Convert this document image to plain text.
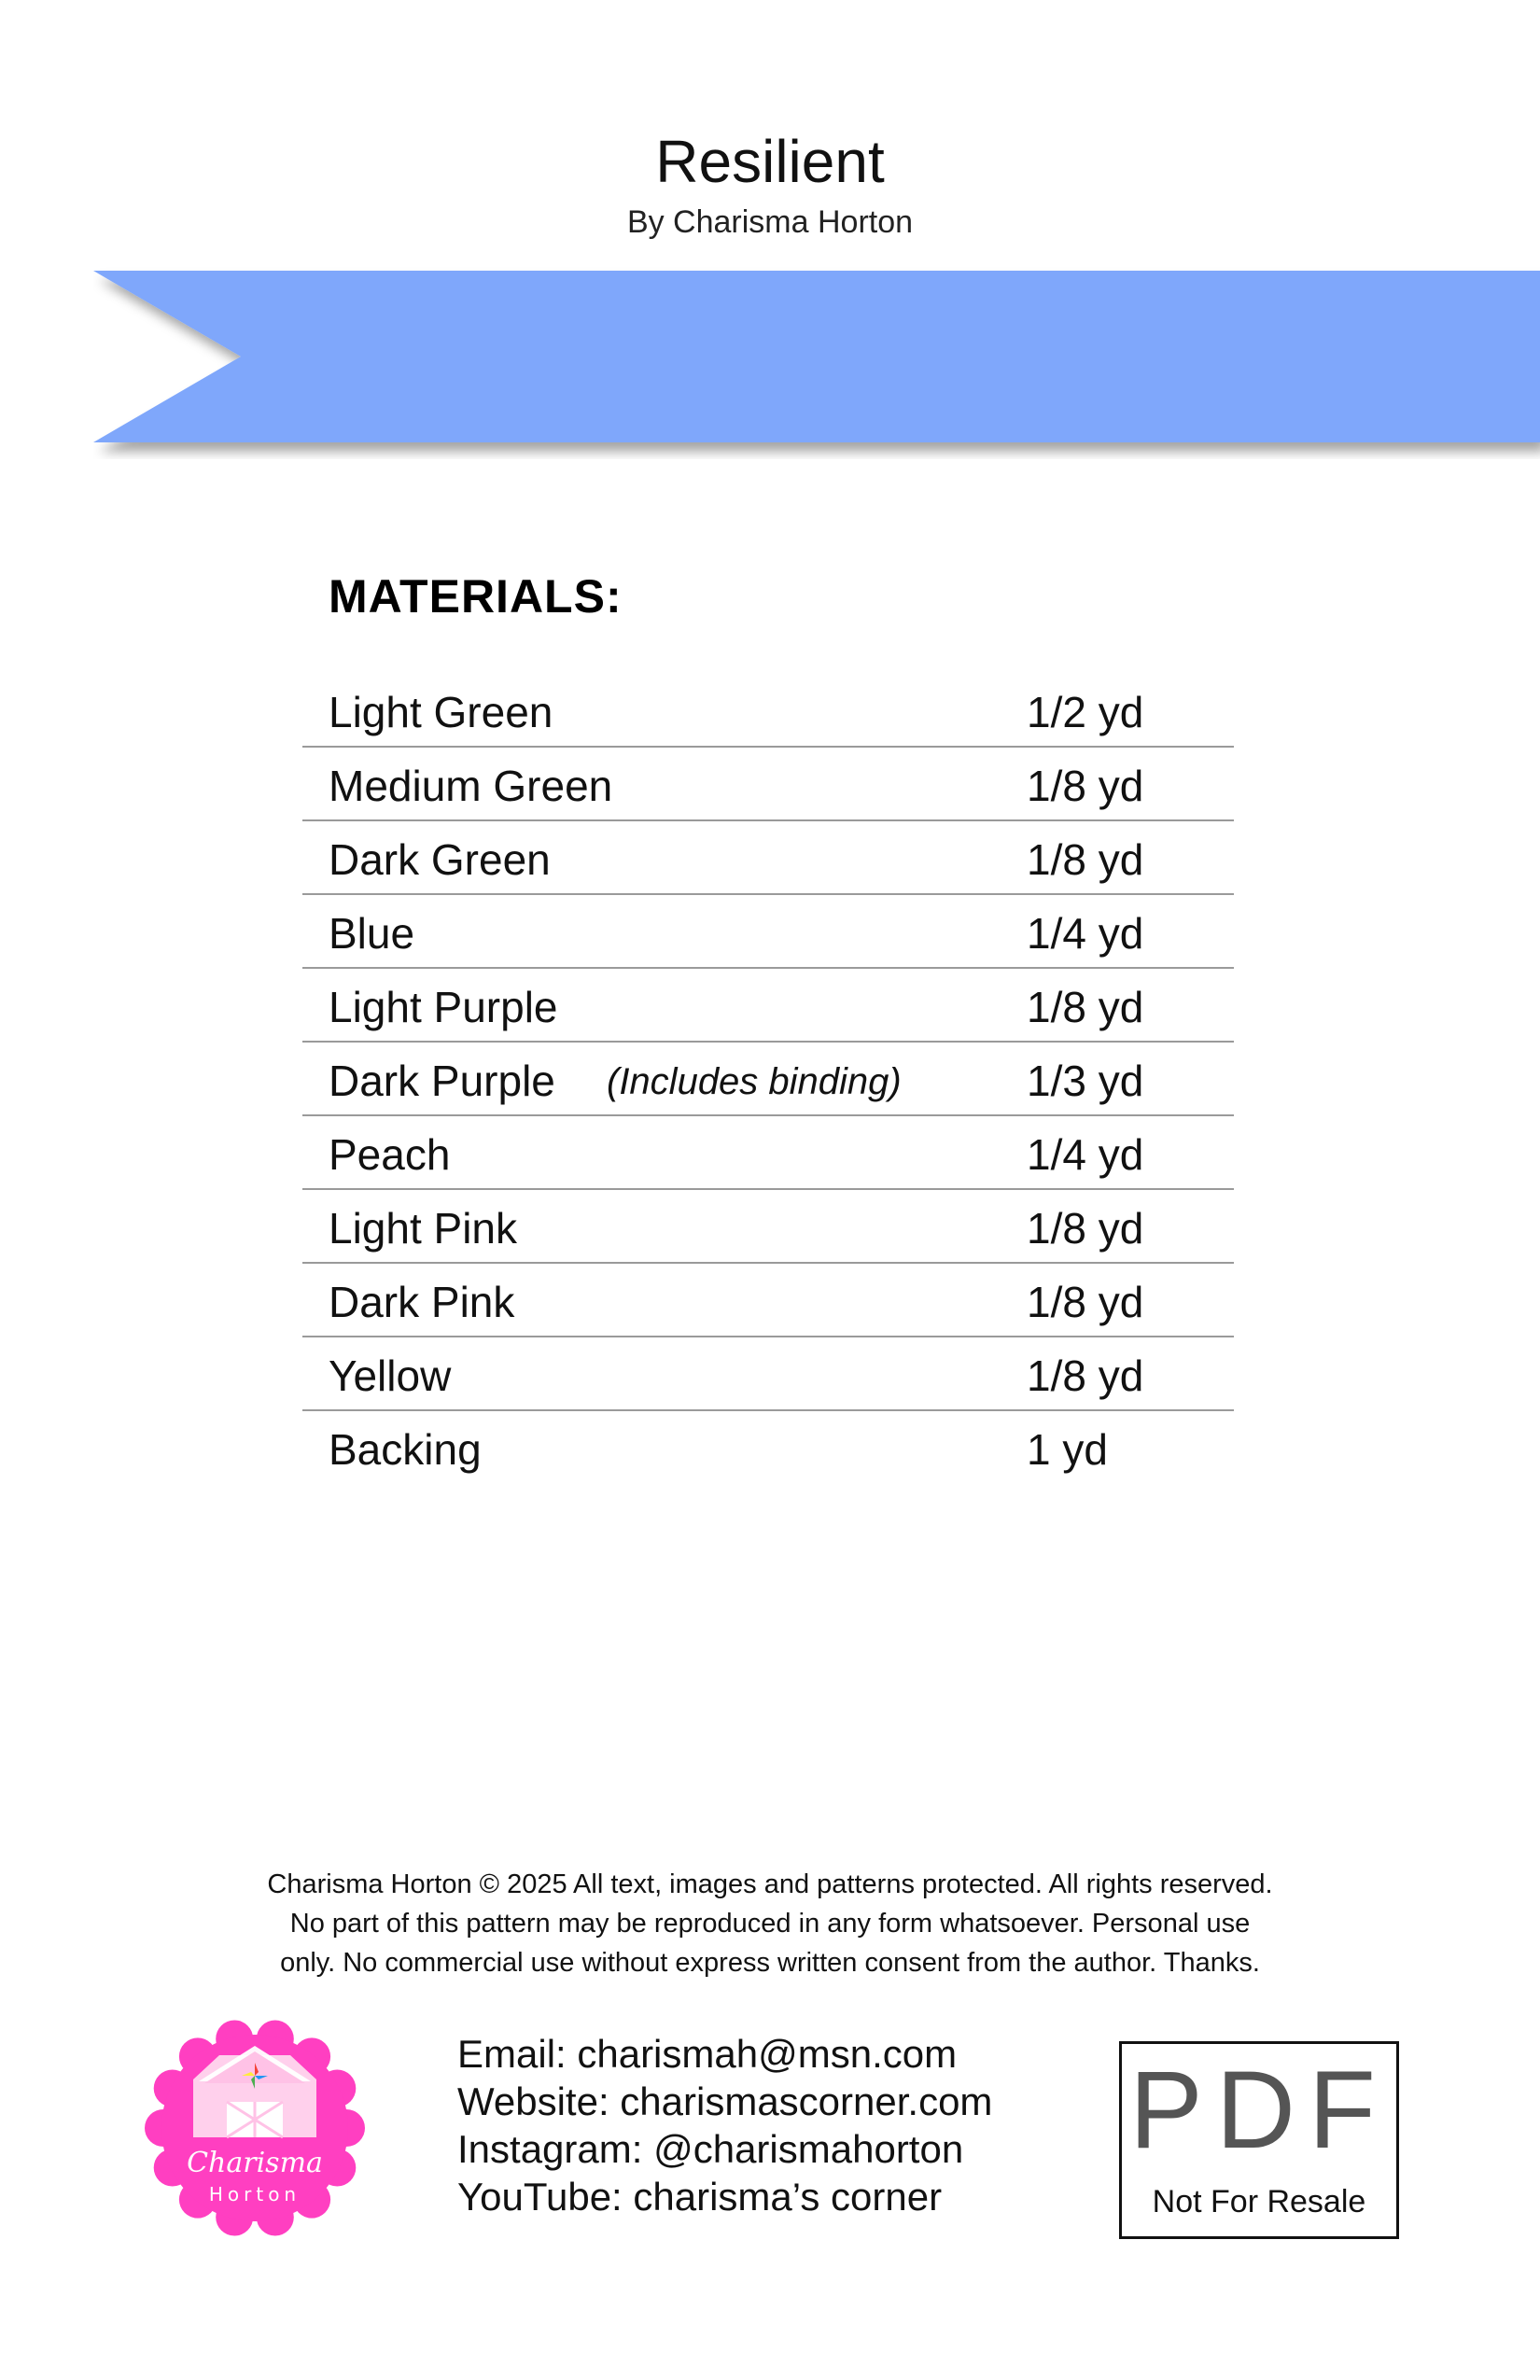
Resilient
By Charisma Horton
MATERIALS:
Light Green	1/2 yd
Medium Green	1/8 yd
Dark Green	1/8 yd
Blue	1/4 yd
Light Purple	1/8 yd
Dark Purple (Includes binding)	1/3 yd
Peach	1/4 yd
Light Pink	1/8 yd
Dark Pink	1/8 yd
Yellow	1/8 yd
Backing	1 yd

Charisma Horton © 2025 All text, images and patterns protected. All rights reserved.

No part of this pattern may be reproduced in any form whatsoever. Personal use

only. No commercial use without express written consent from the author. Thanks.

Charisma
Horton

Email: charismah@msn.com

Website: charismascorner.com

Instagram: @charismahorton

YouTube: charisma’s corner

PDF
Not For Resale
